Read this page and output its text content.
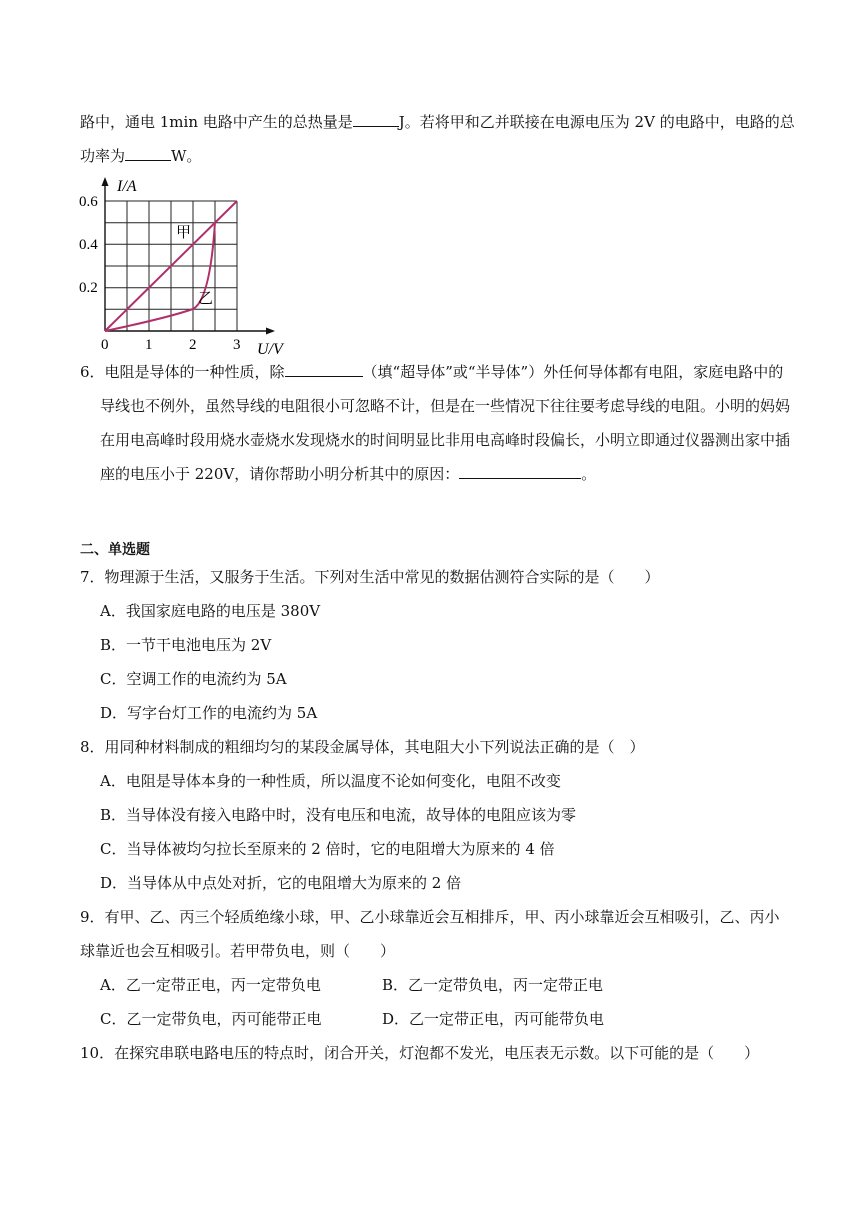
路中，通电 1min 电路中产生的总热量是	J。若将甲和乙并联接在电源电压为 2V 的电路中，电路的总
功率为	W。
I/A
U/V
0.6
0.4
0.2
0 1 2 3
甲
乙
6．电阻是导体的一种性质，除	（填“超导体”或“半导体”）外任何导体都有电阻，家庭电路中的
导线也不例外，虽然导线的电阻很小可忽略不计，但是在一些情况下往往要考虑导线的电阻。小明的妈妈
在用电高峰时段用烧水壶烧水发现烧水的时间明显比非用电高峰时段偏长，小明立即通过仪器测出家中插
座的电压小于 220V，请你帮助小明分析其中的原因：	。
二、单选题
7．物理源于生活，又服务于生活。下列对生活中常见的数据估测符合实际的是（　　）
A．我国家庭电路的电压是 380V
B．一节干电池电压为 2V
C．空调工作的电流约为 5A
D．写字台灯工作的电流约为 5A
8．用同种材料制成的粗细均匀的某段金属导体，其电阻大小下列说法正确的是（　）
A．电阻是导体本身的一种性质，所以温度不论如何变化，电阻不改变
B．当导体没有接入电路中时，没有电压和电流，故导体的电阻应该为零
C．当导体被均匀拉长至原来的 2 倍时，它的电阻增大为原来的 4 倍
D．当导体从中点处对折，它的电阻增大为原来的 2 倍
9．有甲、乙、丙三个轻质绝缘小球，甲、乙小球靠近会互相排斥，甲、丙小球靠近会互相吸引，乙、丙小
球靠近也会互相吸引。若甲带负电，则（　　）
A．乙一定带正电，丙一定带负电	B．乙一定带负电，丙一定带正电
C．乙一定带负电，丙可能带正电	D．乙一定带正电，丙可能带负电
10．在探究串联电路电压的特点时，闭合开关，灯泡都不发光，电压表无示数。以下可能的是（　　）
